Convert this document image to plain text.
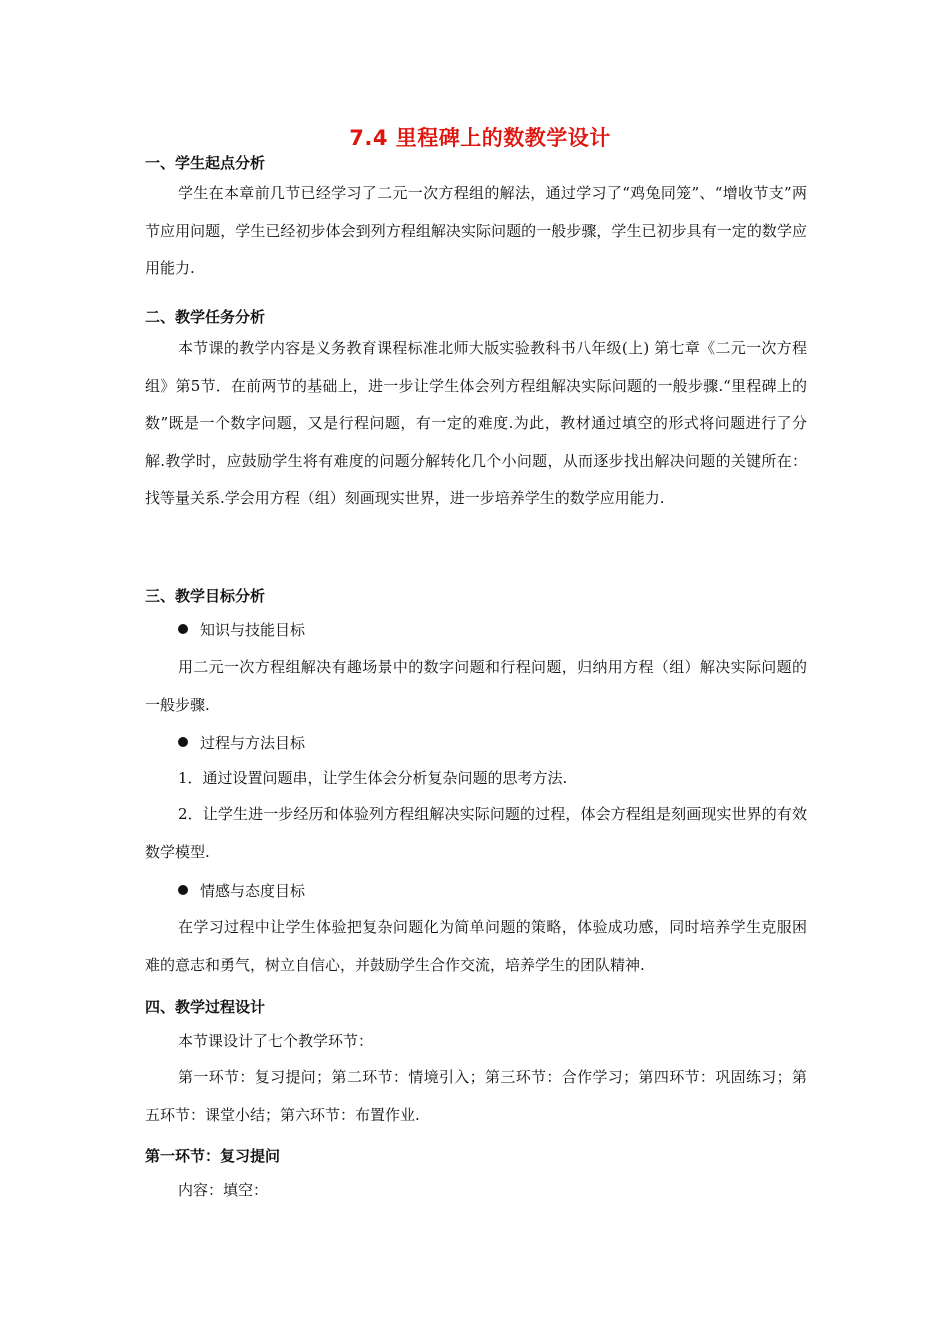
7.4 里程碑上的数教学设计
一、学生起点分析

学生在本章前几节已经学习了二元一次方程组的解法，通过学习了“鸡兔同笼”、“增收节支”两节应用问题，学生已经初步体会到列方程组解决实际问题的一般步骤，学生已初步具有一定的数学应用能力.

二、教学任务分析

本节课的教学内容是义务教育课程标准北师大版实验教科书八年级(上) 第七章《二元一次方程组》第5节．在前两节的基础上，进一步让学生体会列方程组解决实际问题的一般步骤.“里程碑上的数”既是一个数字问题，又是行程问题，有一定的难度.为此，教材通过填空的形式将问题进行了分解.教学时，应鼓励学生将有难度的问题分解转化几个小问题，从而逐步找出解决问题的关键所在：找等量关系.学会用方程（组）刻画现实世界，进一步培养学生的数学应用能力.

三、教学目标分析
知识与技能目标

用二元一次方程组解决有趣场景中的数字问题和行程问题，归纳用方程（组）解决实际问题的一般步骤.

过程与方法目标
1．通过设置问题串，让学生体会分析复杂问题的思考方法.

2．让学生进一步经历和体验列方程组解决实际问题的过程，体会方程组是刻画现实世界的有效数学模型.

情感与态度目标

在学习过程中让学生体验把复杂问题化为简单问题的策略，体验成功感，同时培养学生克服困难的意志和勇气，树立自信心，并鼓励学生合作交流，培养学生的团队精神.

四、教学过程设计
本节课设计了七个教学环节：

第一环节：复习提问；第二环节：情境引入；第三环节：合作学习；第四环节：巩固练习；第五环节：课堂小结；第六环节：布置作业.

第一环节：复习提问
内容：填空：
